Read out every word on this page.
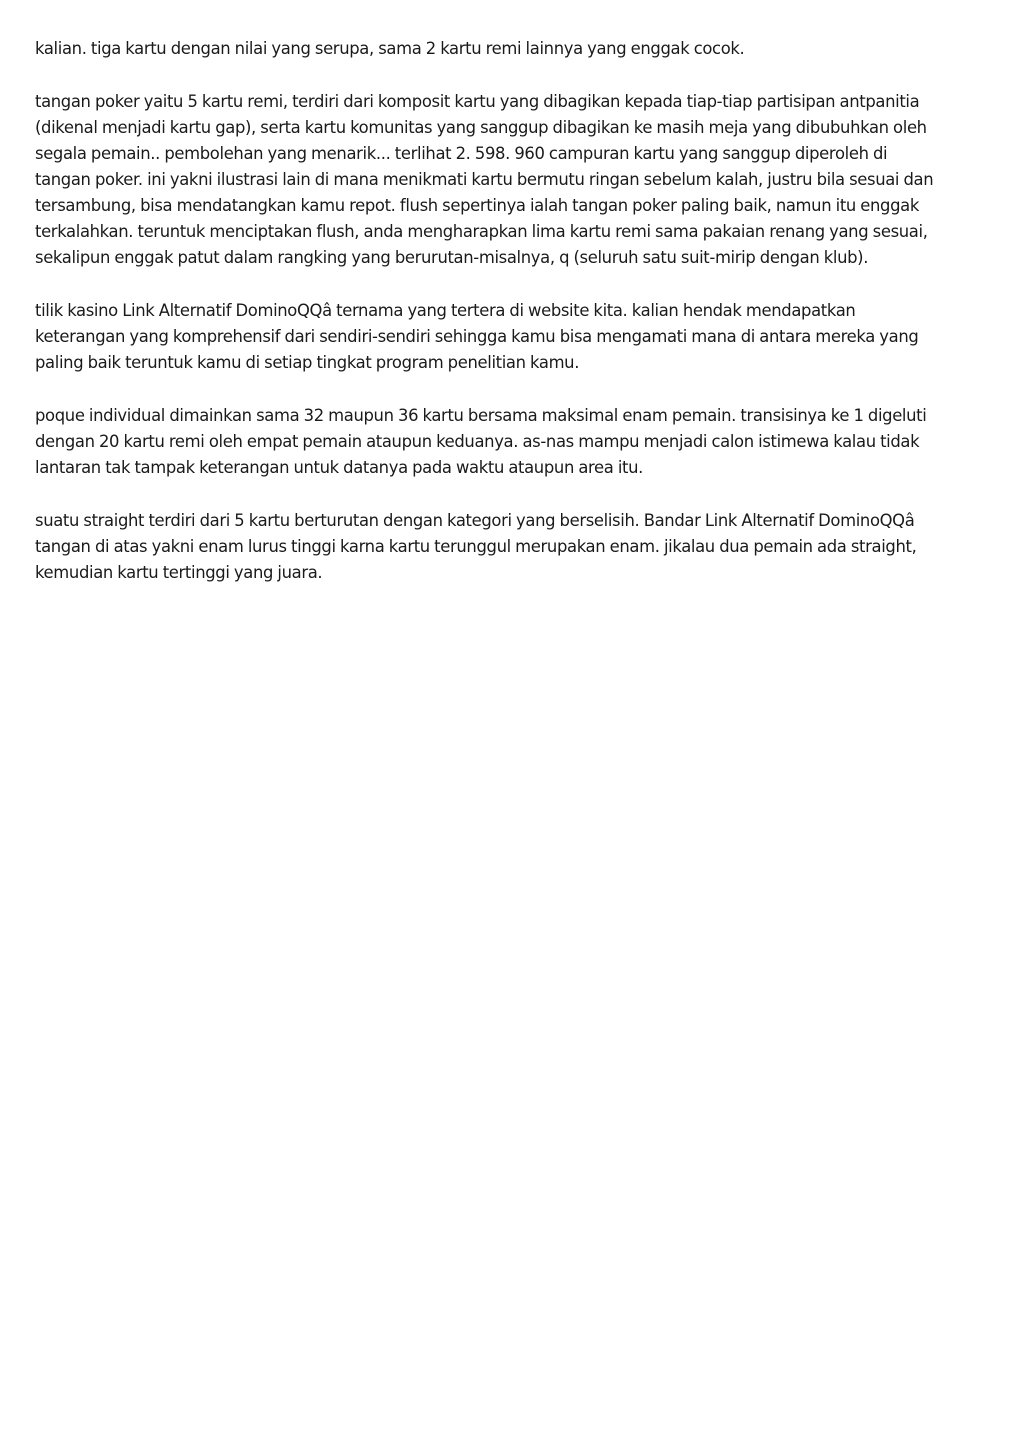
kalian. tiga kartu dengan nilai yang serupa, sama 2 kartu remi lainnya yang enggak cocok.

tangan poker yaitu 5 kartu remi, terdiri dari komposit kartu yang dibagikan kepada tiap-tiap partisipan antpanitia
(dikenal menjadi kartu gap), serta kartu komunitas yang sanggup dibagikan ke masih meja yang dibubuhkan oleh
segala pemain.. pembolehan yang menarik... terlihat 2. 598. 960 campuran kartu yang sanggup diperoleh di
tangan poker. ini yakni ilustrasi lain di mana menikmati kartu bermutu ringan sebelum kalah, justru bila sesuai dan
tersambung, bisa mendatangkan kamu repot. flush sepertinya ialah tangan poker paling baik, namun itu enggak
terkalahkan. teruntuk menciptakan flush, anda mengharapkan lima kartu remi sama pakaian renang yang sesuai,
sekalipun enggak patut dalam rangking yang berurutan-misalnya, q (seluruh satu suit-mirip dengan klub).

tilik kasino Link Alternatif DominoQQâ ternama yang tertera di website kita. kalian hendak mendapatkan
keterangan yang komprehensif dari sendiri-sendiri sehingga kamu bisa mengamati mana di antara mereka yang
paling baik teruntuk kamu di setiap tingkat program penelitian kamu.

poque individual dimainkan sama 32 maupun 36 kartu bersama maksimal enam pemain. transisinya ke 1 digeluti
dengan 20 kartu remi oleh empat pemain ataupun keduanya. as-nas mampu menjadi calon istimewa kalau tidak
lantaran tak tampak keterangan untuk datanya pada waktu ataupun area itu.

suatu straight terdiri dari 5 kartu berturutan dengan kategori yang berselisih. Bandar Link Alternatif DominoQQâ
tangan di atas yakni enam lurus tinggi karna kartu terunggul merupakan enam. jikalau dua pemain ada straight,
kemudian kartu tertinggi yang juara.
